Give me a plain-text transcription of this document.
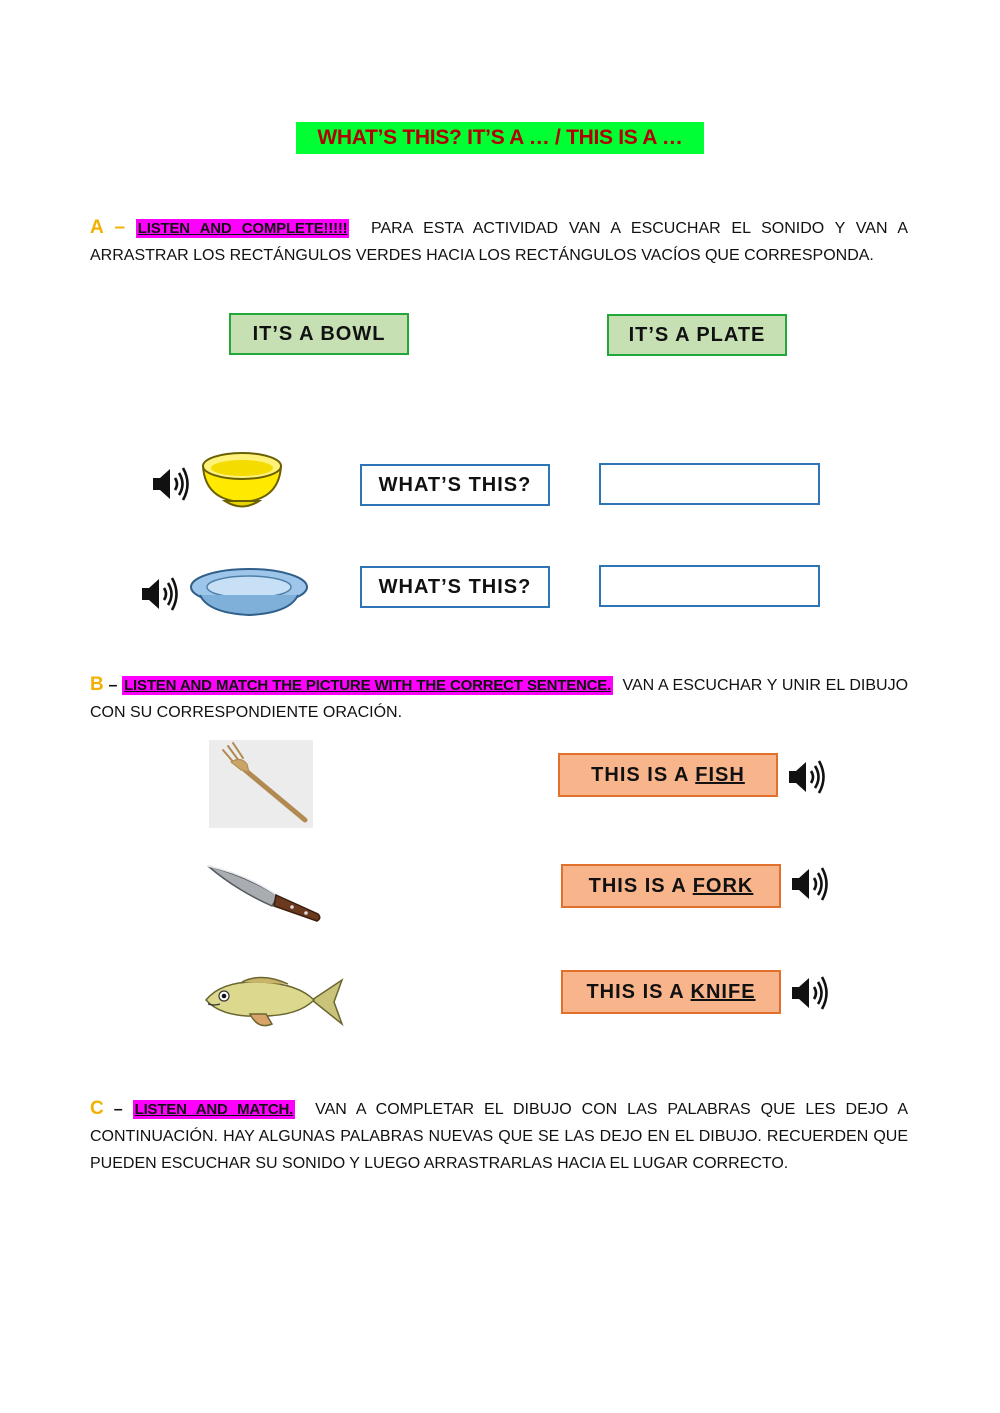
WHAT’S THIS? IT’S A … / THIS IS A …
A – LISTEN AND COMPLETE!!!!! PARA ESTA ACTIVIDAD VAN A ESCUCHAR EL SONIDO Y VAN A ARRASTRAR LOS RECTÁNGULOS VERDES HACIA LOS RECTÁNGULOS VACÍOS QUE CORRESPONDA.
IT’S A BOWL	IT’S A PLATE
WHAT’S THIS?
WHAT’S THIS?
B – LISTEN AND MATCH THE PICTURE WITH THE CORRECT SENTENCE. VAN A ESCUCHAR Y UNIR EL DIBUJO CON SU CORRESPONDIENTE ORACIÓN.
THIS IS A FISH
THIS IS A FORK
THIS IS A KNIFE
C – LISTEN AND MATCH. VAN A COMPLETAR EL DIBUJO CON LAS PALABRAS QUE LES DEJO A CONTINUACIÓN. HAY ALGUNAS PALABRAS NUEVAS QUE SE LAS DEJO EN EL DIBUJO. RECUERDEN QUE PUEDEN ESCUCHAR SU SONIDO Y LUEGO ARRASTRARLAS HACIA EL LUGAR CORRECTO.
